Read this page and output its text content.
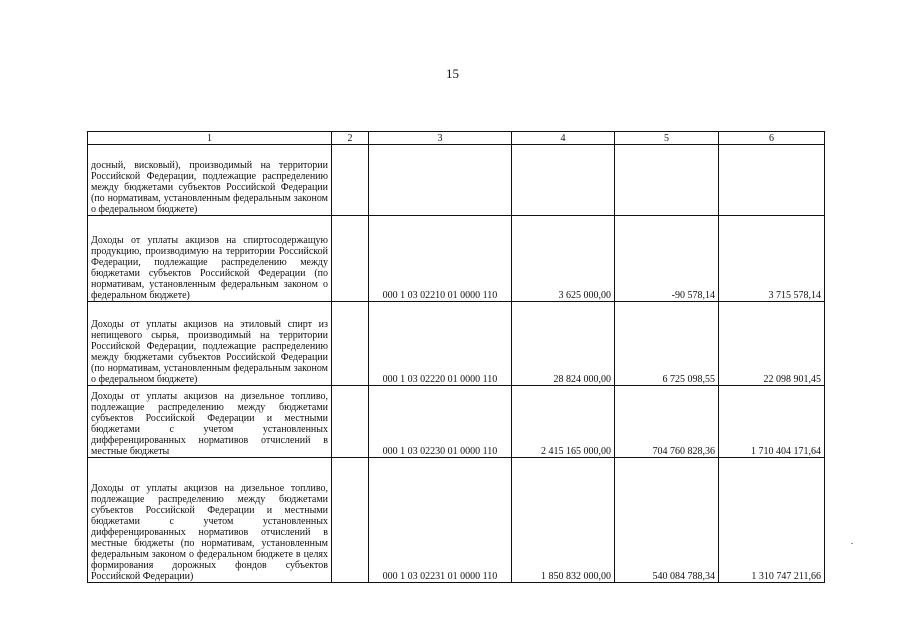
15
1	2	3	4	5	6
досный, висковый), производимый на территории Российской Федерации, подлежащие распределению между бюджетами субъектов Российской Федерации (по нормативам, установленным федеральным законом о федеральном бюджете)					
Доходы от уплаты акцизов на спиртосодержащую продукцию, производимую на территории Российской Федерации, подлежащие распределению между бюджетами субъектов Российской Федерации (по нормативам, установленным федеральным законом о федеральном бюджете)		000 1 03 02210 01 0000 110	3 625 000,00	-90 578,14	3 715 578,14
Доходы от уплаты акцизов на этиловый спирт из непищевого сырья, производимый на территории Российской Федерации, подлежащие распределению между бюджетами субъектов Российской Федерации (по нормативам, установленным федеральным законом о федеральном бюджете)		000 1 03 02220 01 0000 110	28 824 000,00	6 725 098,55	22 098 901,45
Доходы от уплаты акцизов на дизельное топливо, подлежащие распределению между бюджетами субъектов Российской Федерации и местными бюджетами с учетом установленных дифференцированных нормативов отчислений в местные бюджеты		000 1 03 02230 01 0000 110	2 415 165 000,00	704 760 828,36	1 710 404 171,64
Доходы от уплаты акцизов на дизельное топливо, подлежащие распределению между бюджетами субъектов Российской Федерации и местными бюджетами с учетом установленных дифференцированных нормативов отчислений в местные бюджеты (по нормативам, установленным федеральным законом о федеральном бюджете в целях формирования дорожных фондов субъектов Российской Федерации)		000 1 03 02231 01 0000 110	1 850 832 000,00	540 084 788,34	1 310 747 211,66
